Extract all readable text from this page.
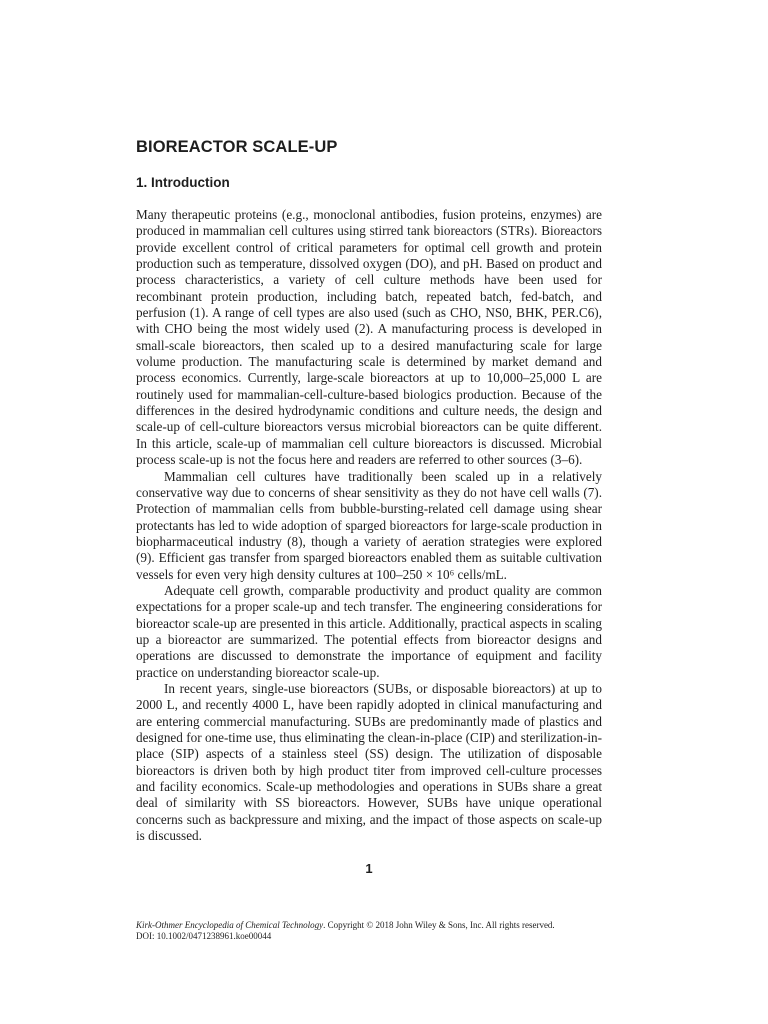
BIOREACTOR SCALE-UP
1. Introduction

Many therapeutic proteins (e.g., monoclonal antibodies, fusion proteins, enzymes) are produced in mammalian cell cultures using stirred tank bioreactors (STRs). Bioreactors provide excellent control of critical parameters for optimal cell growth and protein production such as temperature, dissolved oxygen (DO), and pH. Based on product and process characteristics, a variety of cell culture methods have been used for recombinant protein production, including batch, repeated batch, fed-batch, and perfusion (1). A range of cell types are also used (such as CHO, NS0, BHK, PER.C6), with CHO being the most widely used (2). A manufacturing process is developed in small-scale bioreactors, then scaled up to a desired manufacturing scale for large volume production. The manufacturing scale is determined by market demand and process economics. Currently, large-scale bioreactors at up to 10,000–25,000 L are routinely used for mammalian-cell-culture-based biologics production. Because of the differences in the desired hydrodynamic conditions and culture needs, the design and scale-up of cell-culture bioreactors versus microbial bioreactors can be quite different. In this article, scale-up of mammalian cell culture bioreactors is discussed. Microbial process scale-up is not the focus here and readers are referred to other sources (3–6).

Mammalian cell cultures have traditionally been scaled up in a relatively conservative way due to concerns of shear sensitivity as they do not have cell walls (7). Protection of mammalian cells from bubble-bursting-related cell damage using shear protectants has led to wide adoption of sparged bioreactors for large-scale production in biopharmaceutical industry (8), though a variety of aeration strategies were explored (9). Efficient gas transfer from sparged bioreactors enabled them as suitable cultivation vessels for even very high density cultures at 100–250 × 10⁶ cells/mL.

Adequate cell growth, comparable productivity and product quality are common expectations for a proper scale-up and tech transfer. The engineering considerations for bioreactor scale-up are presented in this article. Additionally, practical aspects in scaling up a bioreactor are summarized. The potential effects from bioreactor designs and operations are discussed to demonstrate the importance of equipment and facility practice on understanding bioreactor scale-up.

In recent years, single-use bioreactors (SUBs, or disposable bioreactors) at up to 2000 L, and recently 4000 L, have been rapidly adopted in clinical manufacturing and are entering commercial manufacturing. SUBs are predominantly made of plastics and designed for one-time use, thus eliminating the clean-in-place (CIP) and sterilization-in-place (SIP) aspects of a stainless steel (SS) design. The utilization of disposable bioreactors is driven both by high product titer from improved cell-culture processes and facility economics. Scale-up methodologies and operations in SUBs share a great deal of similarity with SS bioreactors. However, SUBs have unique operational concerns such as backpressure and mixing, and the impact of those aspects on scale-up is discussed.

1
Kirk-Othmer Encyclopedia of Chemical Technology. Copyright © 2018 John Wiley & Sons, Inc. All rights reserved.
DOI: 10.1002/0471238961.koe00044
